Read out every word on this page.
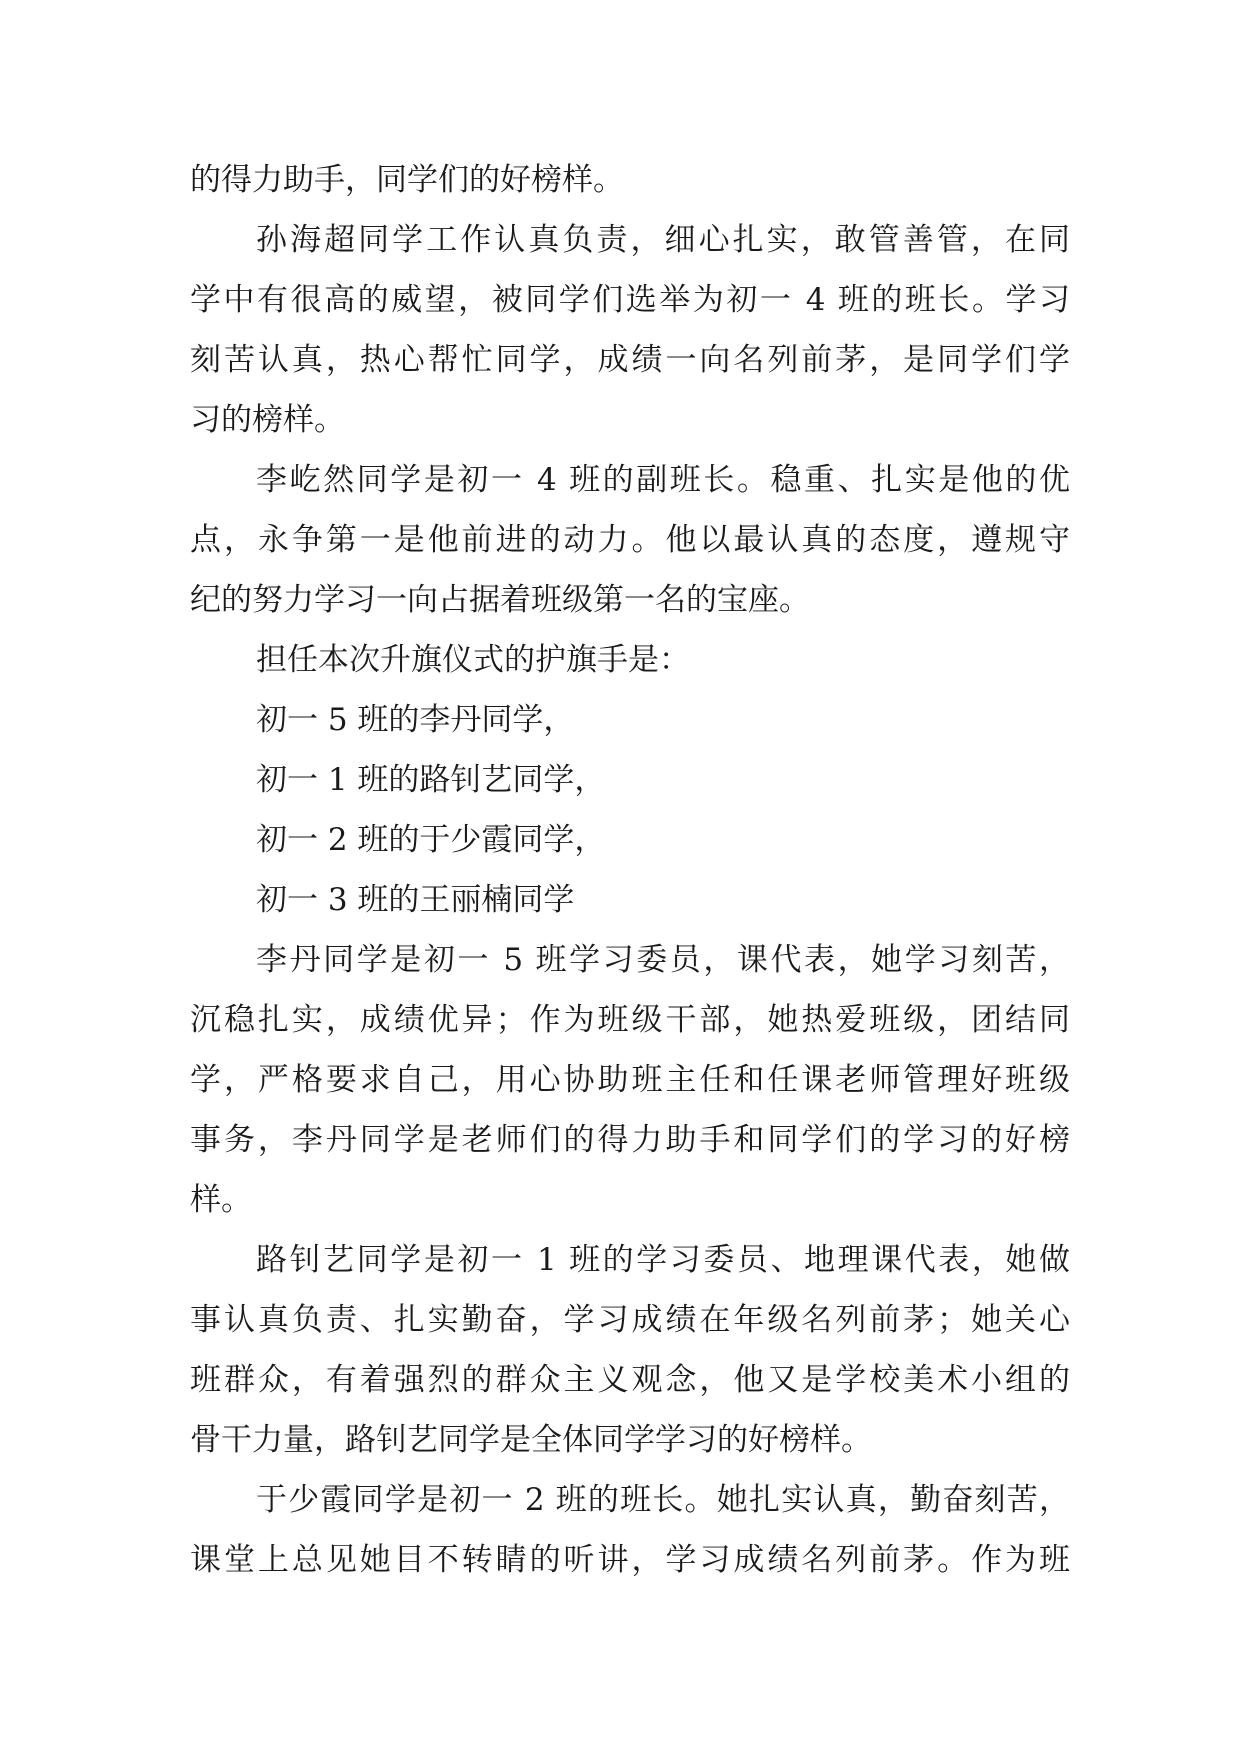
的得力助手，同学们的好榜样。
孙海超同学工作认真负责，细心扎实，敢管善管，在同
学中有很高的威望，被同学们选举为初一 4 班的班长。学习
刻苦认真，热心帮忙同学，成绩一向名列前茅，是同学们学
习的榜样。
李屹然同学是初一 4 班的副班长。稳重、扎实是他的优
点，永争第一是他前进的动力。他以最认真的态度，遵规守
纪的努力学习一向占据着班级第一名的宝座。
担任本次升旗仪式的护旗手是：
初一 5 班的李丹同学，
初一 1 班的路钊艺同学，
初一 2 班的于少霞同学，
初一 3 班的王丽楠同学
李丹同学是初一 5 班学习委员，课代表，她学习刻苦，
沉稳扎实，成绩优异；作为班级干部，她热爱班级，团结同
学，严格要求自己，用心协助班主任和任课老师管理好班级
事务，李丹同学是老师们的得力助手和同学们的学习的好榜
样。
路钊艺同学是初一 1 班的学习委员、地理课代表，她做
事认真负责、扎实勤奋，学习成绩在年级名列前茅；她关心
班群众，有着强烈的群众主义观念，他又是学校美术小组的
骨干力量，路钊艺同学是全体同学学习的好榜样。
于少霞同学是初一 2 班的班长。她扎实认真，勤奋刻苦，
课堂上总见她目不转睛的听讲，学习成绩名列前茅。作为班
